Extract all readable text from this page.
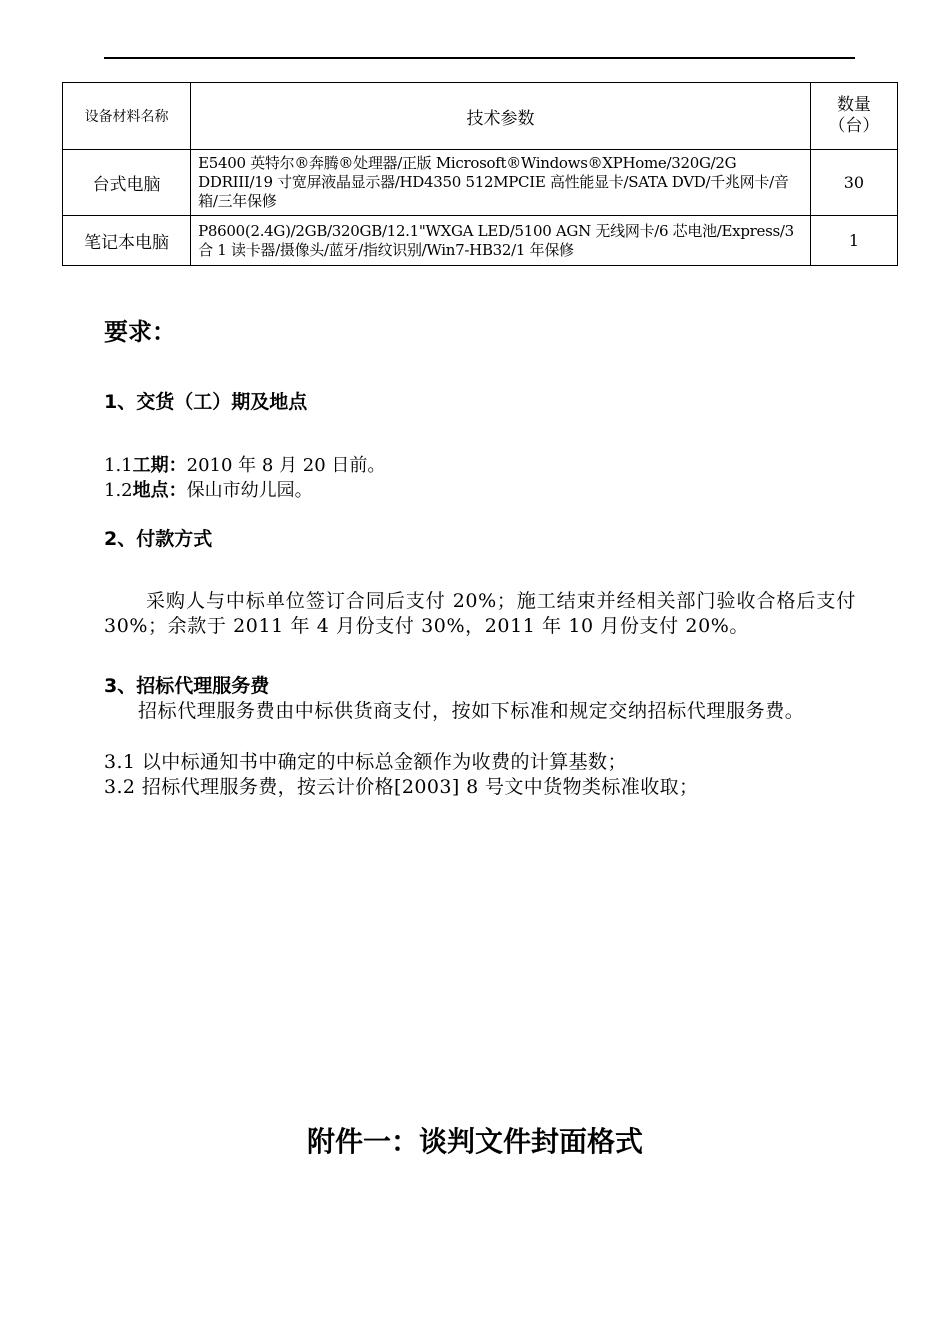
设备材料名称	技术参数	数量
（台）

台式电脑	E5400 英特尔®奔腾®处理器/正版 Microsoft®Windows®XPHome/320G/2G DDRIII/19 寸宽屏液晶显示器/HD4350 512MPCIE 高性能显卡/SATA DVD/千兆网卡/音箱/三年保修	30
笔记本电脑	P8600(2.4G)/2GB/320GB/12.1"WXGA LED/5100 AGN 无线网卡/6 芯电池/Express/3 合 1 读卡器/摄像头/蓝牙/指纹识别/Win7-HB32/1 年保修	1
要求：
1、交货（工）期及地点
1.1工期：2010 年 8 月 20 日前。
1.2地点：保山市幼儿园。
2、付款方式
采购人与中标单位签订合同后支付 20%；施工结束并经相关部门验收合格后支付 30%；余款于 2011 年 4 月份支付 30%，2011 年 10 月份支付 20%。
3、招标代理服务费
招标代理服务费由中标供货商支付，按如下标准和规定交纳招标代理服务费。
3.1 以中标通知书中确定的中标总金额作为收费的计算基数；
3.2 招标代理服务费，按云计价格[2003] 8 号文中货物类标准收取；
附件一：谈判文件封面格式
